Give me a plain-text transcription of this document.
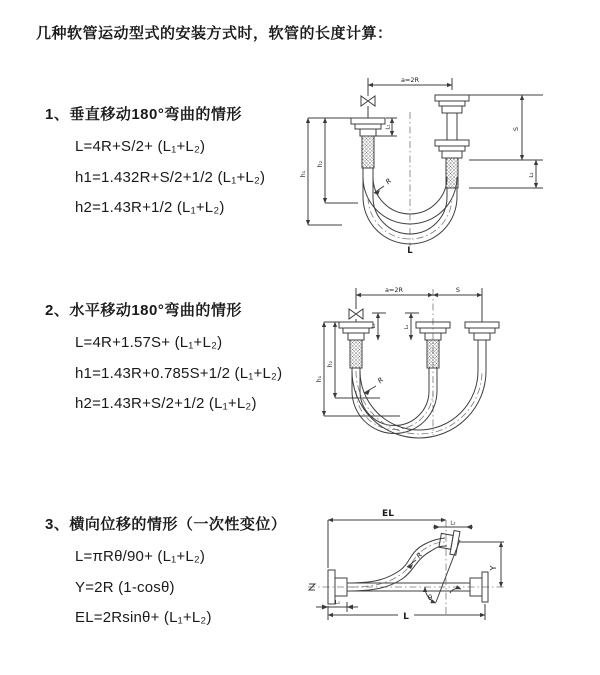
几种软管运动型式的安装方式时，软管的长度计算：
1、垂直移动180°弯曲的情形
L=4R+S/2+ (L₁+L₂)
h1=1.432R+S/2+1/2 (L₁+L₂)
h2=1.43R+1/2 (L₁+L₂)
a=2R
L₁	S
L₂
h₁
h₂
R
L
2、水平移动180°弯曲的情形
L=4R+1.57S+ (L₁+L₂)
h1=1.43R+0.785S+1/2 (L₁+L₂)
h2=1.43R+S/2+1/2 (L₁+L₂)
a=2R	S
L₁	L₂
h₁
h₂
R
3、横向位移的情形（一次性变位）
L=πRθ/90+ (L₁+L₂)
Y=2R (1-cosθ)
EL=2Rsinθ+ (L₁+L₂)
EL
L₂
Y
R
θ
L
L₁
